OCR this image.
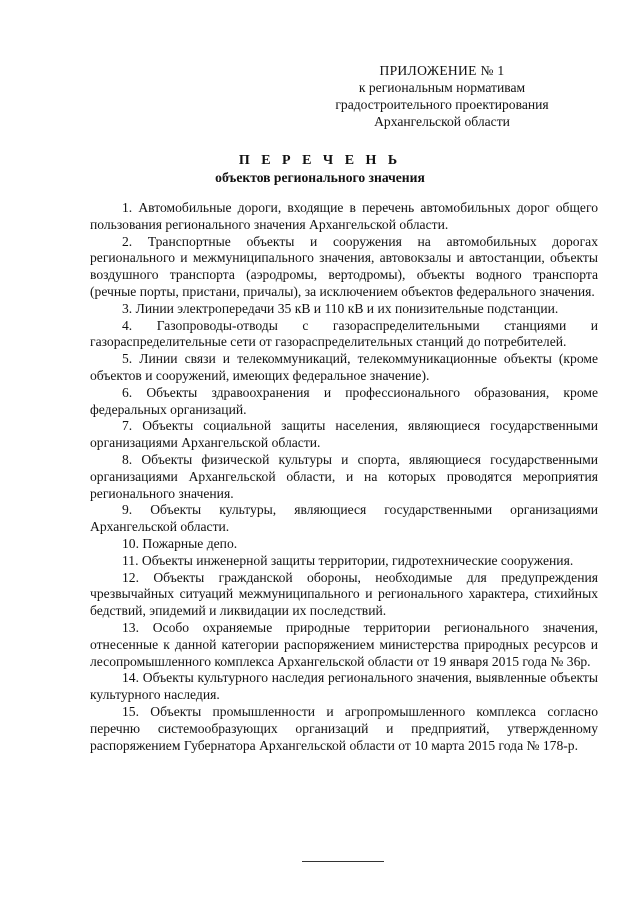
ПРИЛОЖЕНИЕ № 1
к региональным нормативам
градостроительного проектирования
Архангельской области
П Е Р Е Ч Е Н Ь
объектов регионального значения
1. Автомобильные дороги, входящие в перечень автомобильных дорог общего пользования регионального значения Архангельской области.
2. Транспортные объекты и сооружения на автомобильных дорогах регионального и межмуниципального значения, автовокзалы и автостанции, объекты воздушного транспорта (аэродромы, вертодромы), объекты водного транспорта (речные порты, пристани, причалы), за исключением объектов федерального значения.
3. Линии электропередачи 35 кВ и 110 кВ и их понизительные подстанции.
4. Газопроводы-отводы с газораспределительными станциями и газораспределительные сети от газораспределительных станций до потребителей.
5. Линии связи и телекоммуникаций, телекоммуникационные объекты (кроме объектов и сооружений, имеющих федеральное значение).
6. Объекты здравоохранения и профессионального образования, кроме федеральных организаций.
7. Объекты социальной защиты населения, являющиеся государственными организациями Архангельской области.
8. Объекты физической культуры и спорта, являющиеся государственными организациями Архангельской области, и на которых проводятся мероприятия регионального значения.
9. Объекты культуры, являющиеся государственными организациями Архангельской области.
10. Пожарные депо.
11. Объекты инженерной защиты территории, гидротехнические сооружения.
12. Объекты гражданской обороны, необходимые для предупреждения чрезвычайных ситуаций межмуниципального и регионального характера, стихийных бедствий, эпидемий и ликвидации их последствий.
13. Особо охраняемые природные территории регионального значения, отнесенные к данной категории распоряжением министерства природных ресурсов и лесопромышленного комплекса Архангельской области от 19 января 2015 года № 36р.
14. Объекты культурного наследия регионального значения, выявленные объекты культурного наследия.
15. Объекты промышленности и агропромышленного комплекса согласно перечню системообразующих организаций и предприятий, утвержденному распоряжением Губернатора Архангельской области от 10 марта 2015 года № 178-р.
